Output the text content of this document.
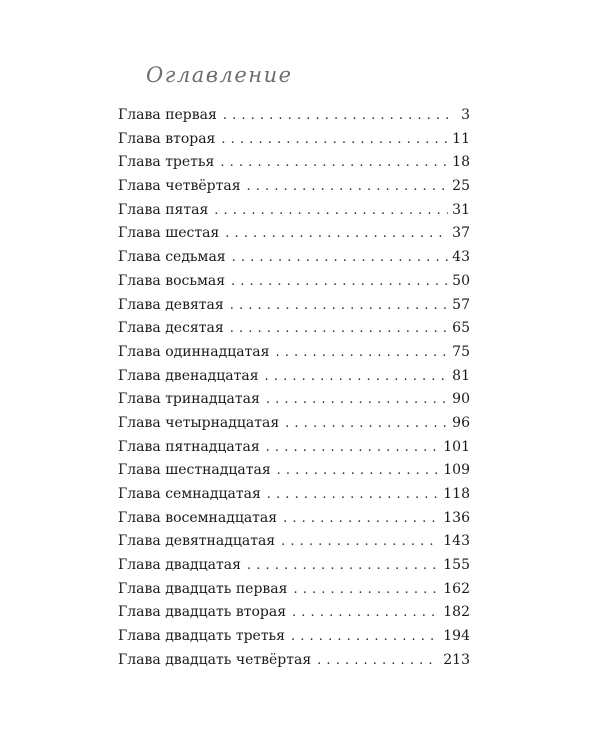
Оглавление
Глава первая . . .	3
Глава вторая . . .	11
Глава третья . . .	18
Глава четвёртая . . .	25
Глава пятая . . .	31
Глава шестая . . .	37
Глава седьмая . . .	43
Глава восьмая . . .	50
Глава девятая . . .	57
Глава десятая . . .	65
Глава одиннадцатая . . .	75
Глава двенадцатая . . .	81
Глава тринадцатая . . .	90
Глава четырнадцатая . . .	96
Глава пятнадцатая . . .	101
Глава шестнадцатая . . .	109
Глава семнадцатая . . .	118
Глава восемнадцатая . . .	136
Глава девятнадцатая . . .	143
Глава двадцатая . . .	155
Глава двадцать первая . . .	162
Глава двадцать вторая . . .	182
Глава двадцать третья . . .	194
Глава двадцать четвёртая . . .	213
